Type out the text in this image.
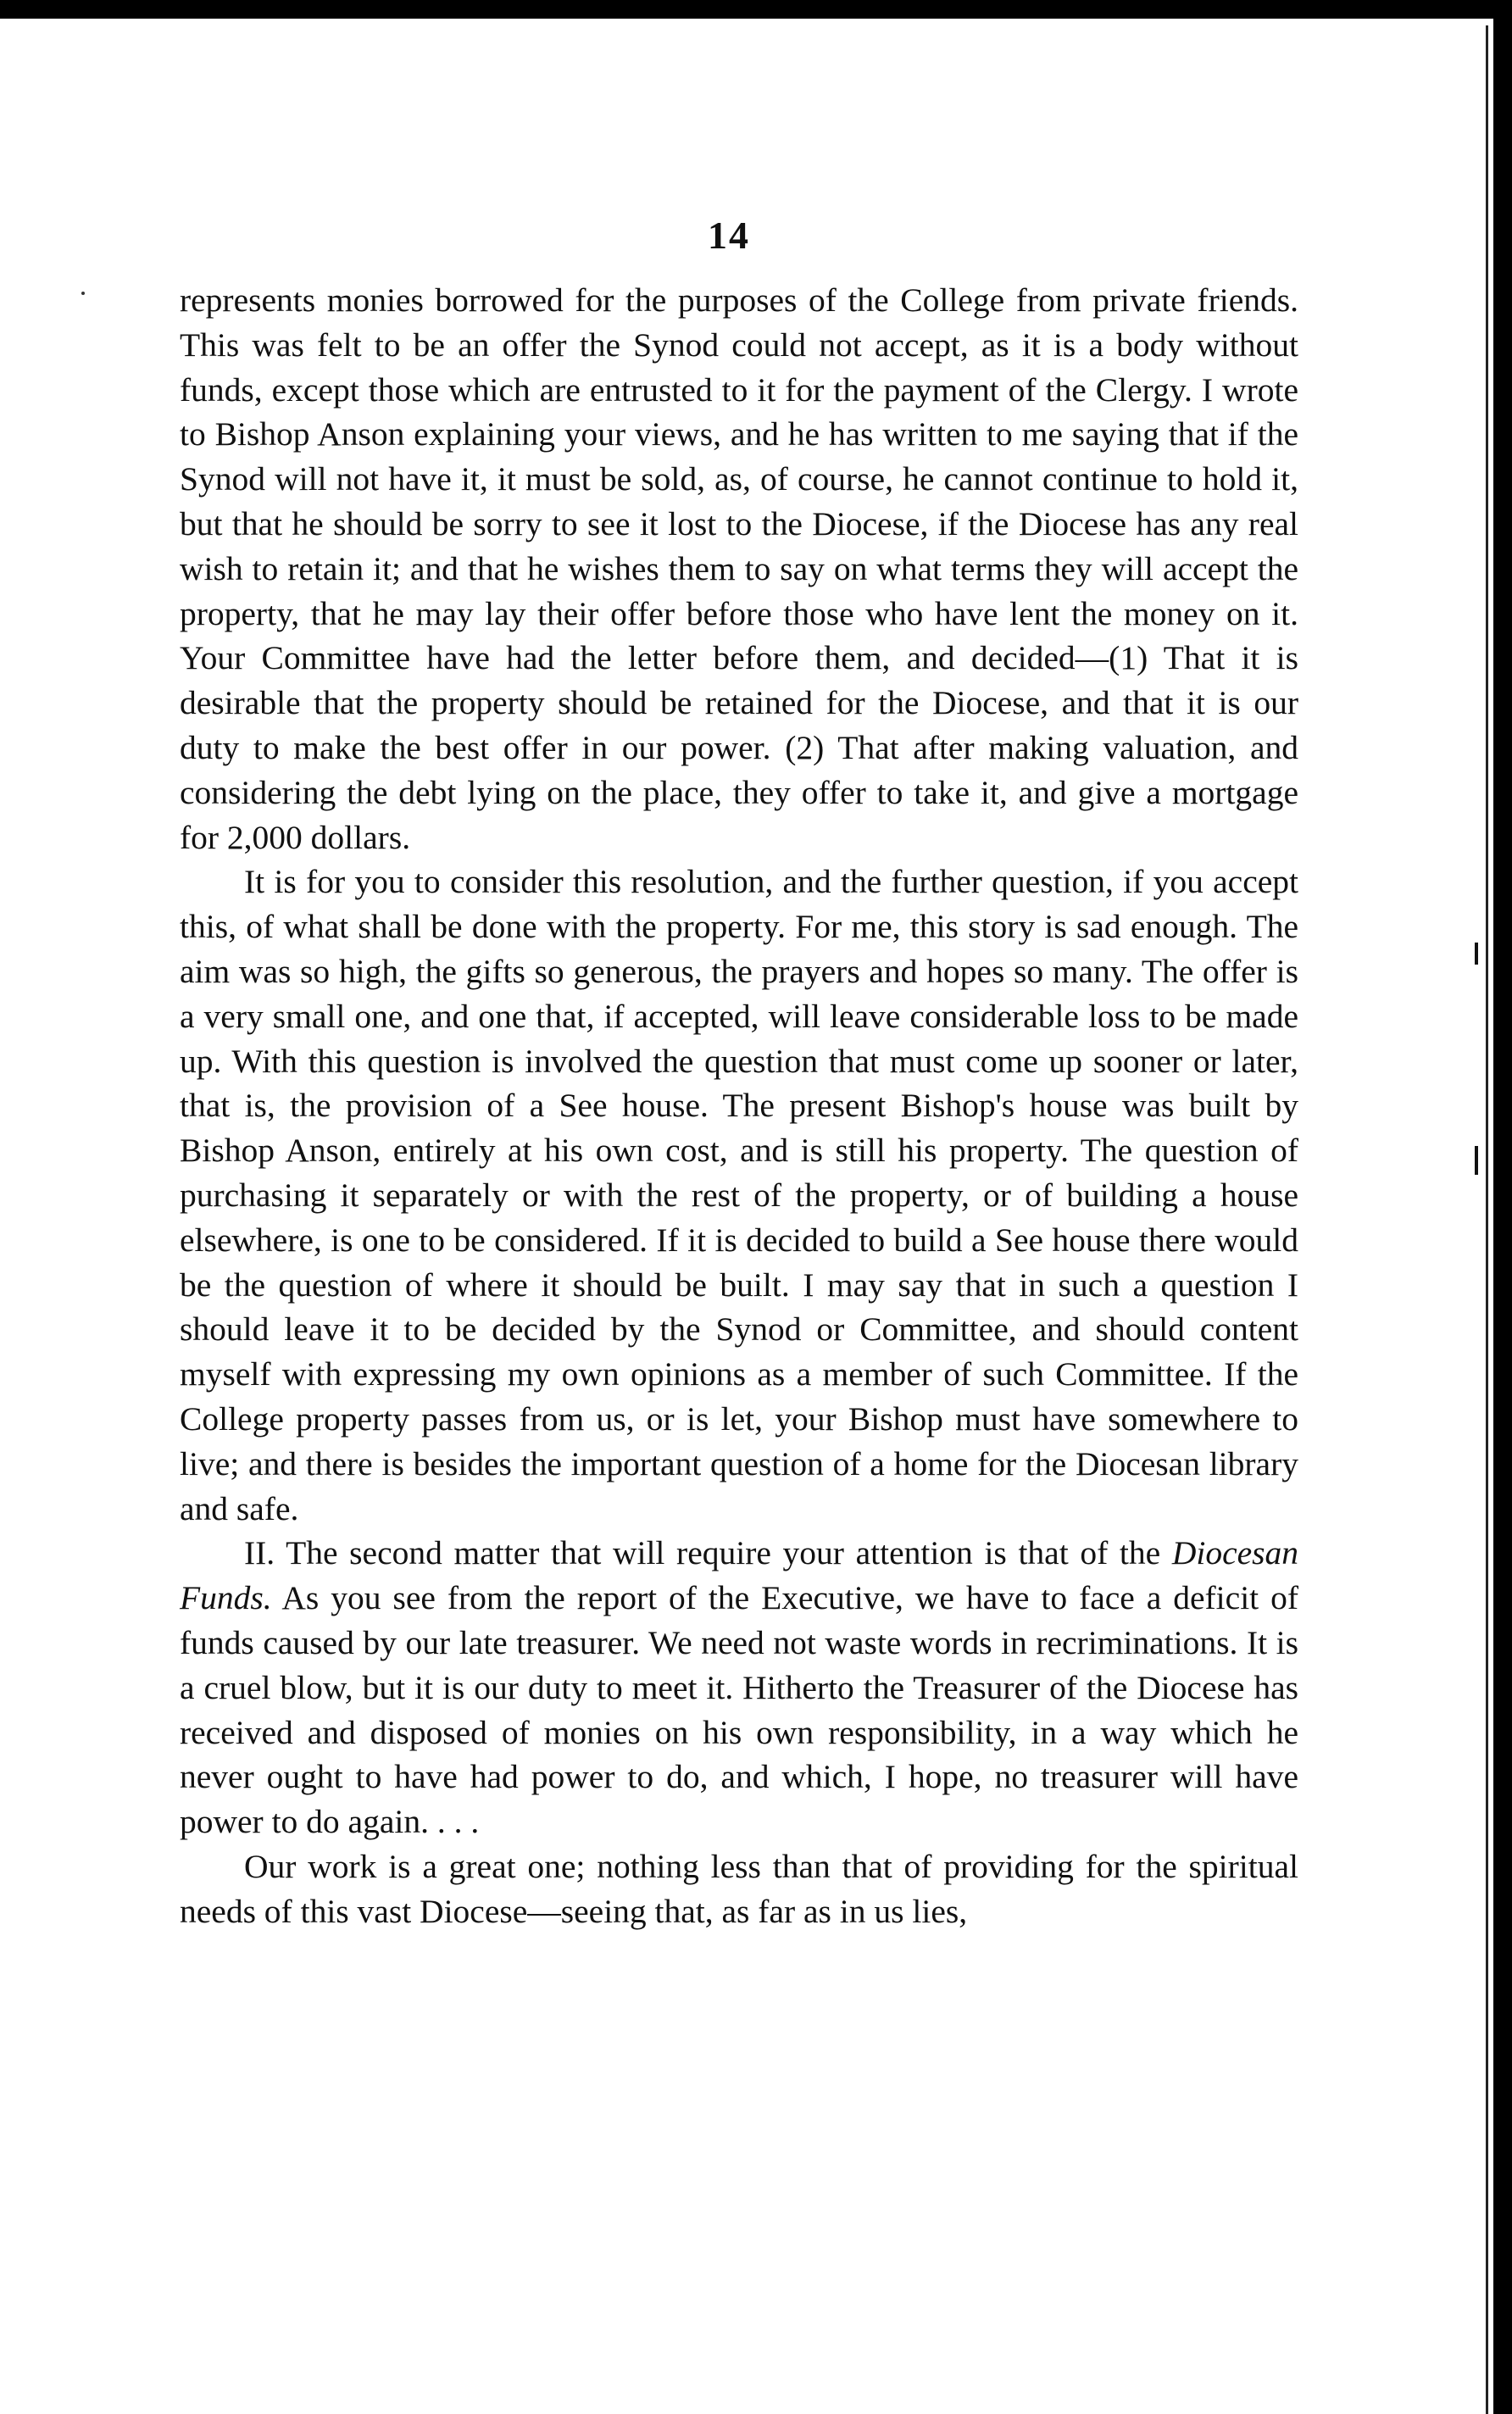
14

represents monies borrowed for the purposes of the College from private friends. This was felt to be an offer the Synod could not accept, as it is a body without funds, except those which are entrusted to it for the payment of the Clergy. I wrote to Bishop Anson explaining your views, and he has written to me saying that if the Synod will not have it, it must be sold, as, of course, he cannot continue to hold it, but that he should be sorry to see it lost to the Diocese, if the Diocese has any real wish to retain it; and that he wishes them to say on what terms they will accept the property, that he may lay their offer before those who have lent the money on it. Your Committee have had the letter before them, and decided—(1) That it is desirable that the property should be retained for the Diocese, and that it is our duty to make the best offer in our power. (2) That after making valuation, and considering the debt lying on the place, they offer to take it, and give a mortgage for 2,000 dollars.

It is for you to consider this resolution, and the further question, if you accept this, of what shall be done with the property. For me, this story is sad enough. The aim was so high, the gifts so generous, the prayers and hopes so many. The offer is a very small one, and one that, if accepted, will leave considerable loss to be made up. With this question is involved the question that must come up sooner or later, that is, the provision of a See house. The present Bishop's house was built by Bishop Anson, entirely at his own cost, and is still his property. The question of purchasing it separately or with the rest of the property, or of building a house elsewhere, is one to be considered. If it is decided to build a See house there would be the question of where it should be built. I may say that in such a question I should leave it to be decided by the Synod or Committee, and should content myself with expressing my own opinions as a member of such Committee. If the College property passes from us, or is let, your Bishop must have somewhere to live; and there is besides the important question of a home for the Diocesan library and safe.

II. The second matter that will require your attention is that of the Diocesan Funds. As you see from the report of the Executive, we have to face a deficit of funds caused by our late treasurer. We need not waste words in recriminations. It is a cruel blow, but it is our duty to meet it. Hitherto the Treasurer of the Diocese has received and disposed of monies on his own responsibility, in a way which he never ought to have had power to do, and which, I hope, no treasurer will have power to do again. . . .

Our work is a great one; nothing less than that of providing for the spiritual needs of this vast Diocese—seeing that, as far as in us lies,
